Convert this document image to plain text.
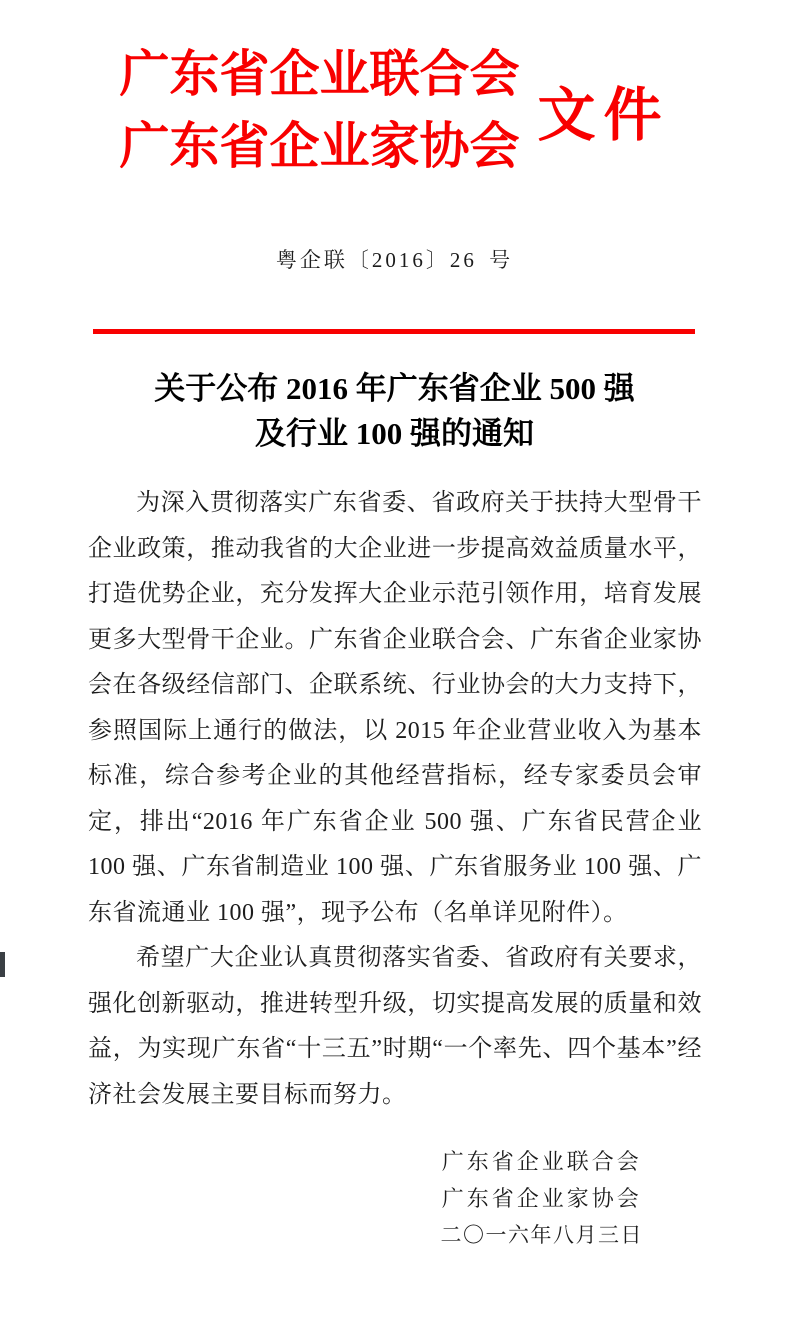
广东省企业联合会
广东省企业家协会 文件
粤企联〔2016〕26 号
关于公布 2016 年广东省企业 500 强
及行业 100 强的通知

为深入贯彻落实广东省委、省政府关于扶持大型骨干企业政策，推动我省的大企业进一步提高效益质量水平，打造优势企业，充分发挥大企业示范引领作用，培育发展更多大型骨干企业。广东省企业联合会、广东省企业家协会在各级经信部门、企联系统、行业协会的大力支持下，参照国际上通行的做法，以 2015 年企业营业收入为基本标准，综合参考企业的其他经营指标，经专家委员会审定，排出“2016 年广东省企业 500 强、广东省民营企业 100 强、广东省制造业 100 强、广东省服务业 100 强、广东省流通业 100 强”，现予公布（名单详见附件）。

希望广大企业认真贯彻落实省委、省政府有关要求，强化创新驱动，推进转型升级，切实提高发展的质量和效益，为实现广东省“十三五”时期“一个率先、四个基本”经济社会发展主要目标而努力。

广东省企业联合会
广东省企业家协会
二〇一六年八月三日
